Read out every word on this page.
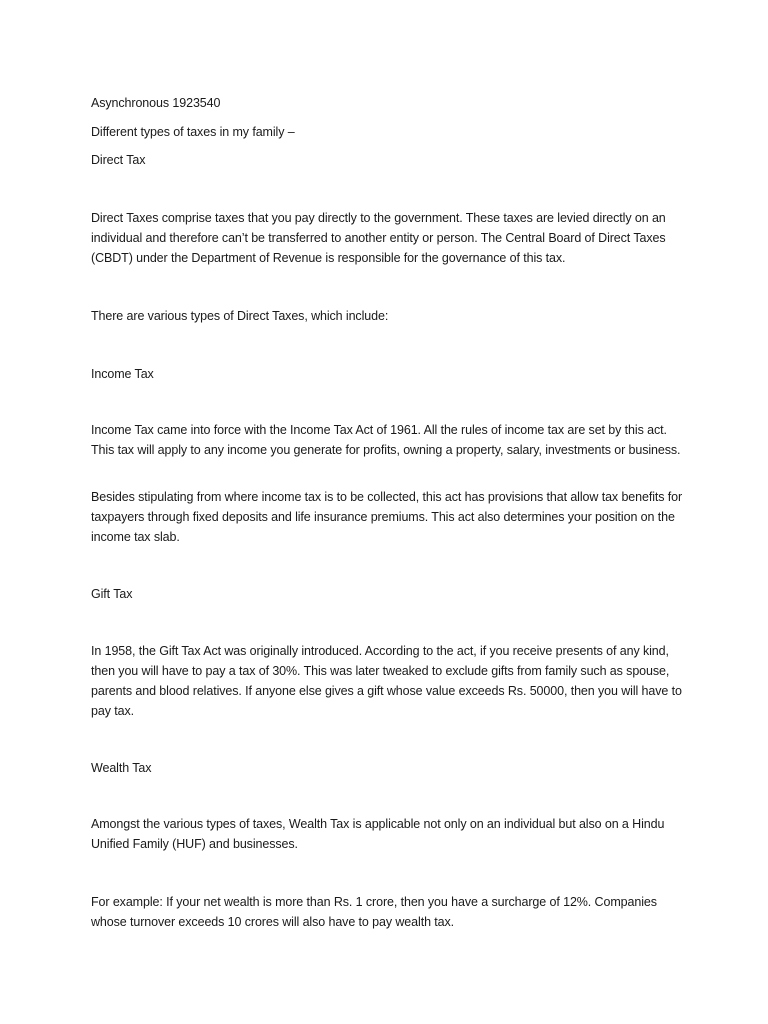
Asynchronous 1923540

Different types of taxes in my family –

Direct Tax

Direct Taxes comprise taxes that you pay directly to the government. These taxes are levied directly on an individual and therefore can’t be transferred to another entity or person. The Central Board of Direct Taxes (CBDT) under the Department of Revenue is responsible for the governance of this tax.

There are various types of Direct Taxes, which include:

Income Tax

Income Tax came into force with the Income Tax Act of 1961. All the rules of income tax are set by this act. This tax will apply to any income you generate for profits, owning a property, salary, investments or business.

Besides stipulating from where income tax is to be collected, this act has provisions that allow tax benefits for taxpayers through fixed deposits and life insurance premiums. This act also determines your position on the income tax slab.

Gift Tax

In 1958, the Gift Tax Act was originally introduced. According to the act, if you receive presents of any kind, then you will have to pay a tax of 30%. This was later tweaked to exclude gifts from family such as spouse, parents and blood relatives. If anyone else gives a gift whose value exceeds Rs. 50000, then you will have to pay tax.

Wealth Tax

Amongst the various types of taxes, Wealth Tax is applicable not only on an individual but also on a Hindu Unified Family (HUF) and businesses.

For example: If your net wealth is more than Rs. 1 crore, then you have a surcharge of 12%. Companies whose turnover exceeds 10 crores will also have to pay wealth tax.
